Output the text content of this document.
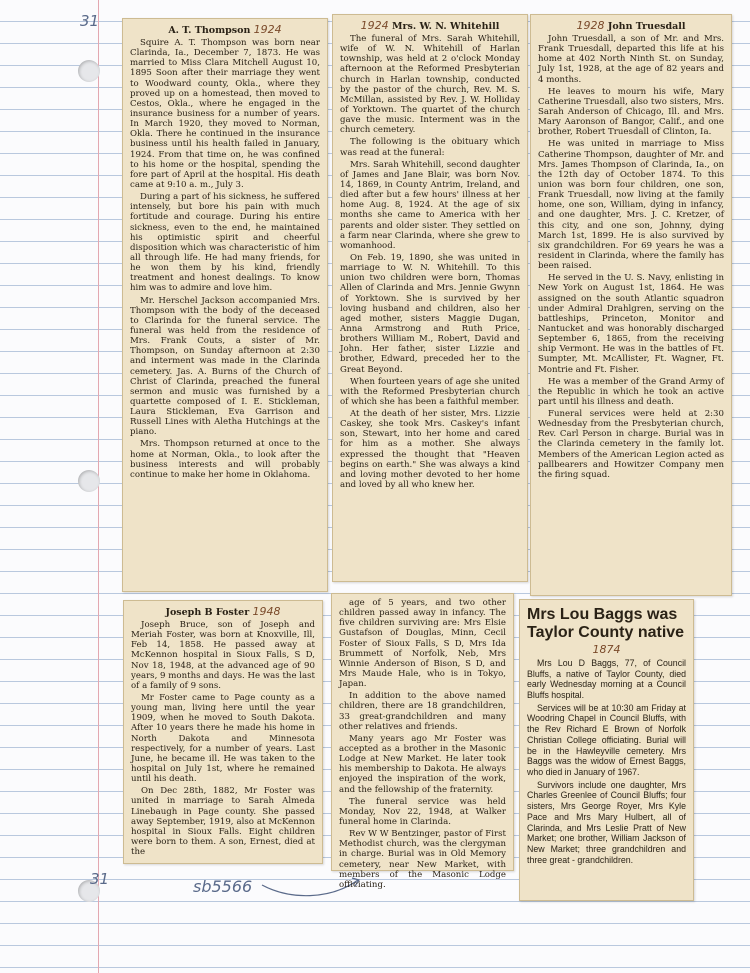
31
31	sb5566
A. T. Thompson 1924

Squire A. T. Thompson was born near Clarinda, Ia., December 7, 1873. He was married to Miss Clara Mitchell August 10, 1895 Soon after their marriage they went to Woodward county, Okla., where they proved up on a homestead, then moved to Cestos, Okla., where he engaged in the insurance business for a number of years. In March 1920, they moved to Norman, Okla. There he continued in the insurance business until his health failed in January, 1924. From that time on, he was confined to his home or the hospital, spending the fore part of April at the hospital. His death came at 9:10 a. m., July 3.

During a part of his sickness, he suffered intensely, but bore his pain with much fortitude and courage. During his entire sickness, even to the end, he maintained his optimistic spirit and cheerful disposition which was characteristic of him all through life. He had many friends, for he won them by his kind, friendly treatment and honest dealings. To know him was to admire and love him.

Mr. Herschel Jackson accompanied Mrs. Thompson with the body of the deceased to Clarinda for the funeral service. The funeral was held from the residence of Mrs. Frank Couts, a sister of Mr. Thompson, on Sunday afternoon at 2:30 and interment was made in the Clarinda cemetery. Jas. A. Burns of the Church of Christ of Clarinda, preached the funeral sermon and music was furnished by a quartette composed of I. E. Stickleman, Laura Stickleman, Eva Garrison and Russell Lines with Aletha Hutchings at the piano.

Mrs. Thompson returned at once to the home at Norman, Okla., to look after the business interests and will probably continue to make her home in Oklahoma.

1924 Mrs. W. N. Whitehill

The funeral of Mrs. Sarah Whitehill, wife of W. N. Whitehill of Harlan township, was held at 2 o'clock Monday afternoon at the Reformed Presbyterian church in Harlan township, conducted by the pastor of the church, Rev. M. S. McMillan, assisted by Rev. J. W. Holliday of Yorktown. The quartet of the church gave the music. Interment was in the church cemetery.

The following is the obituary which was read at the funeral:

Mrs. Sarah Whitehill, second daughter of James and Jane Blair, was born Nov. 14, 1869, in County Antrim, Ireland, and died after but a few hours' illness at her home Aug. 8, 1924. At the age of six months she came to America with her parents and older sister. They settled on a farm near Clarinda, where she grew to womanhood.

On Feb. 19, 1890, she was united in marriage to W. N. Whitehill. To this union two children were born, Thomas Allen of Clarinda and Mrs. Jennie Gwynn of Yorktown. She is survived by her loving husband and children, also her aged mother, sisters Maggie Dugan, Anna Armstrong and Ruth Price, brothers William M., Robert, David and John. Her father, sister Lizzie and brother, Edward, preceded her to the Great Beyond.

When fourteen years of age she united with the Reformed Presbyterian church of which she has been a faithful member.

At the death of her sister, Mrs. Lizzie Caskey, she took Mrs. Caskey's infant son, Stewart, into her home and cared for him as a mother. She always expressed the thought that "Heaven begins on earth." She was always a kind and loving mother devoted to her home and loved by all who knew her.

1928 John Truesdall

John Truesdall, a son of Mr. and Mrs. Frank Truesdall, departed this life at his home at 402 North Ninth St. on Sunday, July 1st, 1928, at the age of 82 years and 4 months.

He leaves to mourn his wife, Mary Catherine Truesdall, also two sisters, Mrs. Sarah Anderson of Chicago, Ill. and Mrs. Mary Aaronson of Bangor, Calif., and one brother, Robert Truesdall of Clinton, Ia.

He was united in marriage to Miss Catherine Thompson, daughter of Mr. and Mrs. James Thompson of Clarinda, Ia., on the 12th day of October 1874. To this union was born four children, one son, Frank Truesdall, now living at the family home, one son, William, dying in infancy, and one daughter, Mrs. J. C. Kretzer, of this city, and one son, Johnny, dying March 1st, 1899. He is also survived by six grandchildren. For 69 years he was a resident in Clarinda, where the family has been raised.

He served in the U. S. Navy, enlisting in New York on August 1st, 1864. He was assigned on the south Atlantic squadron under Admiral Drahlgren, serving on the battleships, Princeton, Monitor and Nantucket and was honorably discharged September 6, 1865, from the receiving ship Vermont. He was in the battles of Ft. Sumpter, Mt. McAllister, Ft. Wagner, Ft. Montrie and Ft. Fisher.

He was a member of the Grand Army of the Republic in which he took an active part until his illness and death.

Funeral services were held at 2:30 Wednesday from the Presbyterian church, Rev. Carl Person in charge. Burial was in the Clarinda cemetery in the family lot. Members of the American Legion acted as pallbearers and Howitzer Company men the firing squad.

Joseph B Foster 1948

Joseph Bruce, son of Joseph and Meriah Foster, was born at Knoxville, Ill, Feb 14, 1858. He passed away at McKennon hospital in Sioux Falls, S D, Nov 18, 1948, at the advanced age of 90 years, 9 months and days. He was the last of a family of 9 sons.

Mr Foster came to Page county as a young man, living here until the year 1909, when he moved to South Dakota. After 10 years there he made his home in North Dakota and Minnesota respectively, for a number of years. Last June, he became ill. He was taken to the hospital on July 1st, where he remained until his death.

On Dec 28th, 1882, Mr Foster was united in marriage to Sarah Almeda Linebaugh in Page county. She passed away September, 1919, also at McKennon hospital in Sioux Falls. Eight children were born to them. A son, Ernest, died at the

age of 5 years, and two other children passed away in infancy. The five children surviving are: Mrs Elsie Gustafson of Douglas, Minn, Cecil Foster of Sioux Falls, S D, Mrs Ida Brummett of Norfolk, Neb, Mrs Winnie Anderson of Bison, S D, and Mrs Maude Hale, who is in Tokyo, Japan.

In addition to the above named children, there are 18 grandchildren, 33 great-grandchildren and many other relatives and friends.

Many years ago Mr Foster was accepted as a brother in the Masonic Lodge at New Market. He later took his membership to Dakota. He always enjoyed the inspiration of the work, and the fellowship of the fraternity.

The funeral service was held Monday, Nov 22, 1948, at Walker funeral home in Clarinda.

Rev W W Bentzinger, pastor of First Methodist church, was the clergyman in charge. Burial was in Old Memory cemetery, near New Market, with members of the Masonic Lodge officiating.

Mrs Lou Baggs was Taylor County native
1874

Mrs Lou D Baggs, 77, of Council Bluffs, a native of Taylor County, died early Wednesday morning at a Council Bluffs hospital.

Services will be at 10:30 am Friday at Woodring Chapel in Council Bluffs, with the Rev Richard E Brown of Norfolk Christian College officiating. Burial will be in the Hawleyville cemetery. Mrs Baggs was the widow of Ernest Baggs, who died in January of 1967.

Survivors include one daughter, Mrs Charles Greenlee of Council Bluffs; four sisters, Mrs George Royer, Mrs Kyle Pace and Mrs Mary Hulbert, all of Clarinda, and Mrs Leslie Pratt of New Market; one brother, William Jackson of New Market; three grandchildren and three great - grandchildren.
